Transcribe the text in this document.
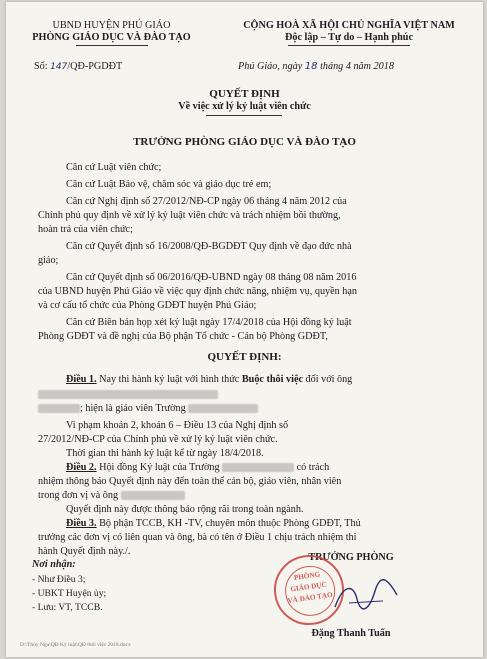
UBND HUYỆN PHÚ GIÁO
PHÒNG GIÁO DỤC VÀ ĐÀO TẠO
Số: 147/QĐ-PGDĐT
CỘNG HOÀ XÃ HỘI CHỦ NGHĨA VIỆT NAM
Độc lập – Tự do – Hạnh phúc
Phú Giáo, ngày 18 tháng 4 năm 2018
QUYẾT ĐỊNH
Về việc xử lý kỷ luật viên chức
TRƯỞNG PHÒNG GIÁO DỤC VÀ ĐÀO TẠO
Căn cứ Luật viên chức;
Căn cứ Luật Bảo vệ, chăm sóc và giáo dục trẻ em;
Căn cứ Nghị định số 27/2012/NĐ-CP ngày 06 tháng 4 năm 2012 của
Chính phủ quy định về xử lý kỷ luật viên chức và trách nhiệm bồi thường,
hoàn trả của viên chức;
Căn cứ Quyết định số 16/2008/QĐ-BGDĐT Quy định về đạo đức nhà
giáo;
Căn cứ Quyết định số 06/2016/QĐ-UBND ngày 08 tháng 08 năm 2016
của UBND huyện Phú Giáo về việc quy định chức năng, nhiệm vụ, quyền hạn
và cơ cấu tổ chức của Phòng GDĐT huyện Phú Giáo;
Căn cứ Biên bản họp xét kỷ luật ngày 17/4/2018 của Hội đồng kỷ luật
Phòng GDĐT và đề nghị của Bộ phận Tổ chức - Cán bộ Phòng GDĐT,
QUYẾT ĐỊNH:
Điều 1. Nay thi hành kỷ luật với hình thức Buộc thôi việc đối với ông
; hiện là giáo viên Trường
Vi phạm khoản 2, khoản 6 – Điều 13 của Nghị định số
27/2012/NĐ-CP của Chính phủ về xử lý kỷ luật viên chức.
Thời gian thi hành kỷ luật kể từ ngày 18/4/2018.
Điều 2. Hội đồng Kỷ luật của Trường	có trách
nhiệm thông báo Quyết định này đến toàn thể cán bộ, giáo viên, nhân viên
trong đơn vị và ông
Quyết định này được thông báo rộng rãi trong toàn ngành.
Điều 3. Bộ phận TCCB, KH -TV, chuyên môn thuộc Phòng GDĐT, Thủ
trưởng các đơn vị có liên quan và ông, bà có tên ở Điều 1 chịu trách nhiệm thi
hành Quyết định này./.
Nơi nhận:
- Như Điều 3;
- UBKT Huyện ủy;
- Lưu: VT, TCCB.
TRƯỞNG PHÒNG
PHÒNG
GIÁO DỤC
VÀ ĐÀO TẠO
Đặng Thanh Tuấn
D:\Thủy Nga\QĐ Kỷ luật\QĐ thôi việc 2018.docx
